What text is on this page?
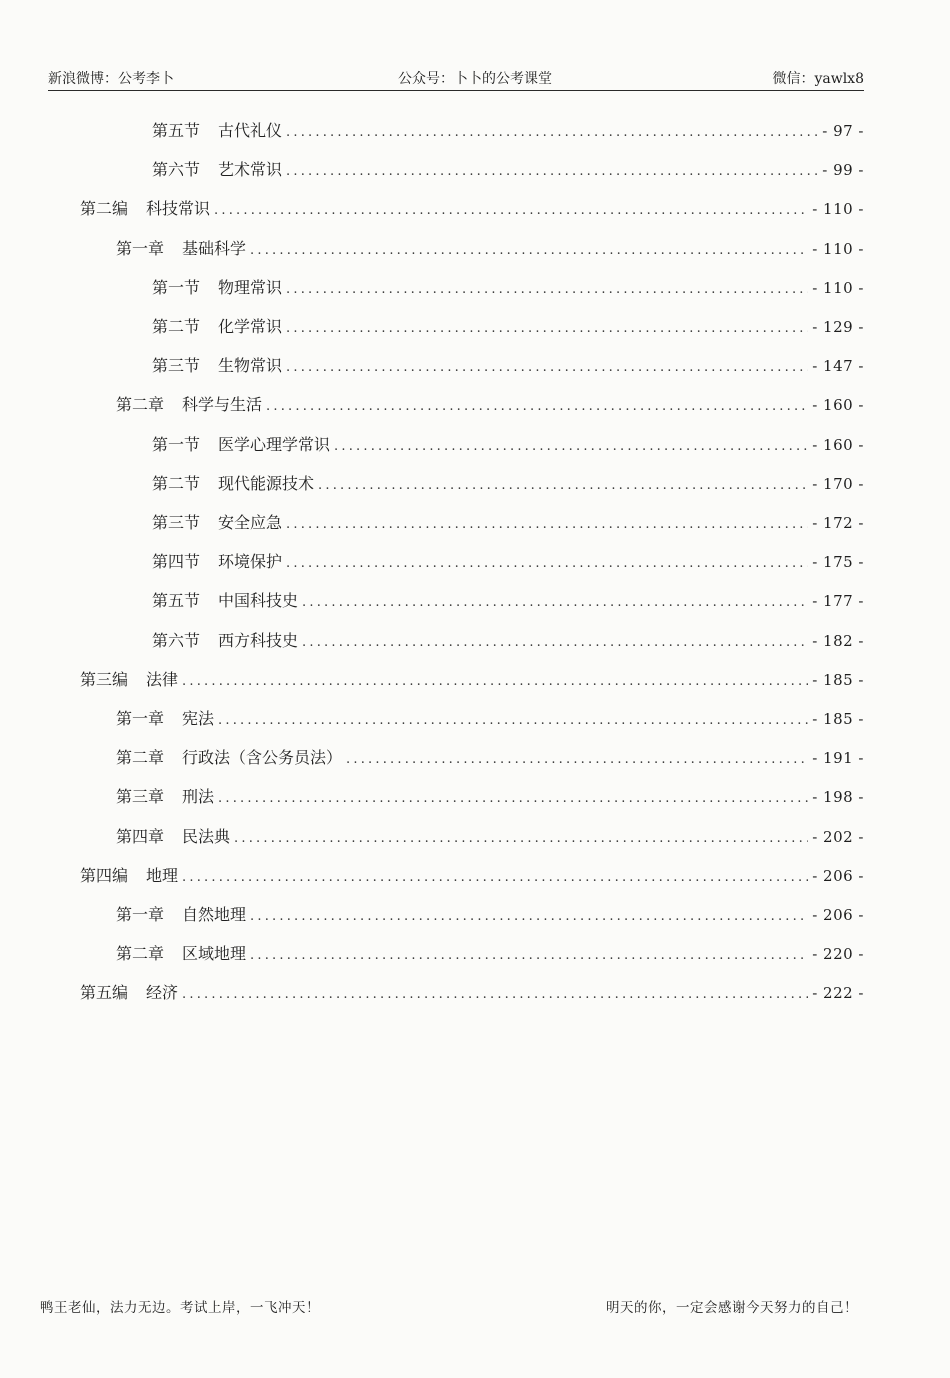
新浪微博：公考李卜	公众号：卜卜的公考课堂	微信：yawlx8
第五节 古代礼仪 .....	- 97 -
第六节 艺术常识 .....	- 99 -
第二编 科技常识 .....	- 110 -
第一章 基础科学 .....	- 110 -
第一节 物理常识 .....	- 110 -
第二节 化学常识 .....	- 129 -
第三节 生物常识 .....	- 147 -
第二章 科学与生活 .....	- 160 -
第一节 医学心理学常识 .....	- 160 -
第二节 现代能源技术 .....	- 170 -
第三节 安全应急 .....	- 172 -
第四节 环境保护 .....	- 175 -
第五节 中国科技史 .....	- 177 -
第六节 西方科技史 .....	- 182 -
第三编 法律 .....	- 185 -
第一章 宪法 .....	- 185 -
第二章 行政法（含公务员法） .....	- 191 -
第三章 刑法 .....	- 198 -
第四章 民法典 .....	- 202 -
第四编 地理 .....	- 206 -
第一章 自然地理 .....	- 206 -
第二章 区域地理 .....	- 220 -
第五编 经济 .....	- 222 -
鸭王老仙，法力无边。考试上岸，一飞冲天！	明天的你，一定会感谢今天努力的自己！
